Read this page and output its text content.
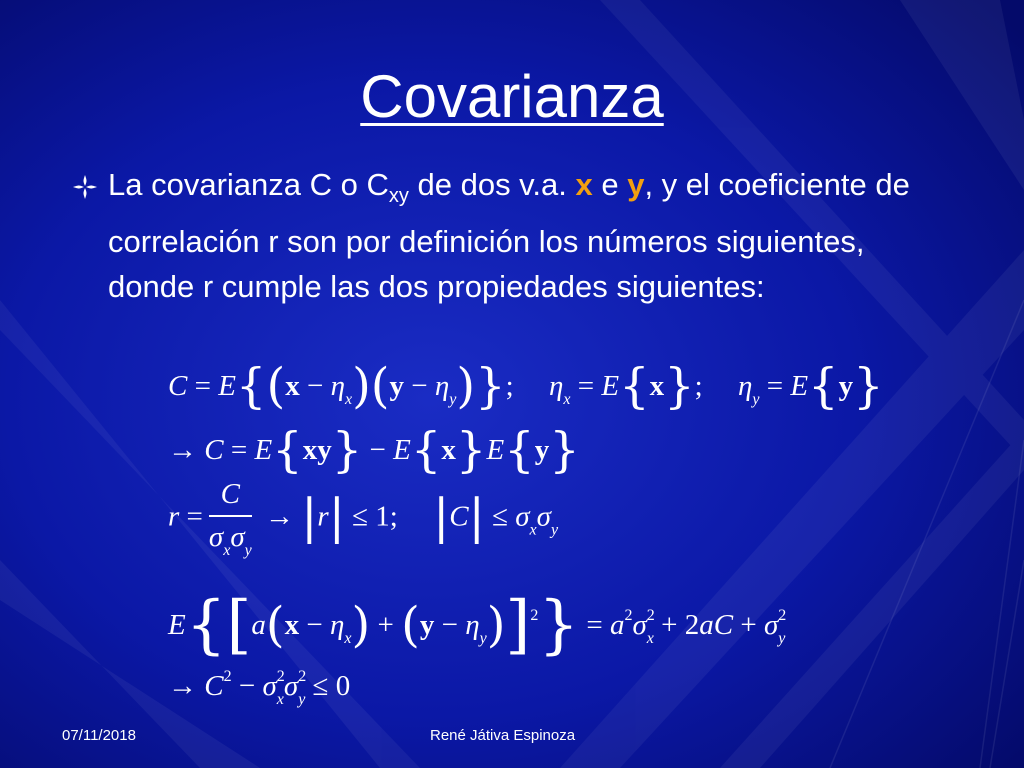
Covarianza
La covarianza C o $C_{xy}$ de dos v.a. x e y, y el coeficiente de correlación r son por definición los números siguientes, donde r cumple las dos propiedades siguientes:
$C = E\{(x - \eta_x)(y - \eta_y)\}$; $\eta_x = E\{x\}$; $\eta_y = E\{y\}$
→ C = E{xy} − E{x}E{y}
$r = \frac{C}{\sigma_x\sigma_y} \to |r| \le 1$; $|C| \le \sigma_x\sigma_y$
$E\{[a(x - \eta_x) + (y - \eta_y)]^2\} = a^2\sigma^2_x + 2aC + \sigma^2_y$
→ $C^2 - \sigma^2_x\sigma^2_y \le 0$
07/11/2018	René Játiva Espinoza
